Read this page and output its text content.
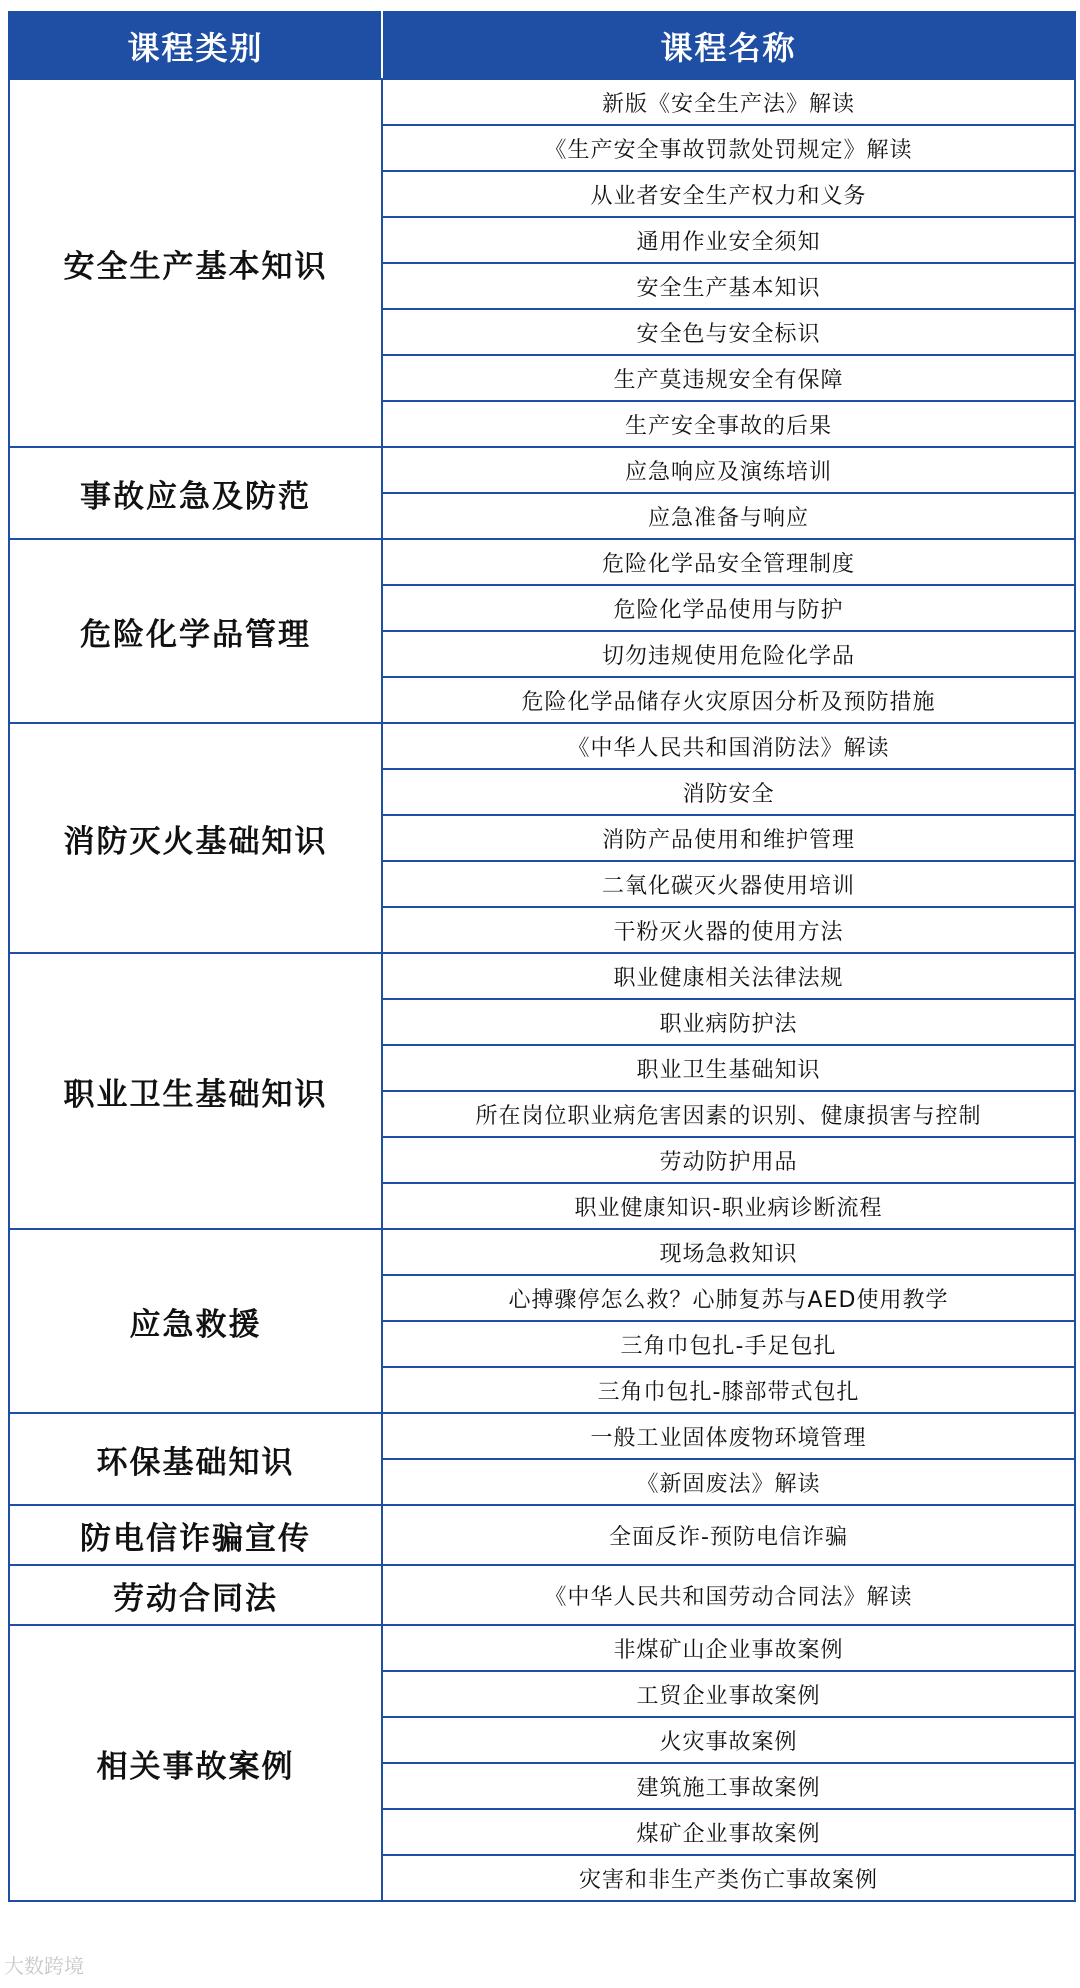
课程类别	课程名称
安全生产基本知识	新版《安全生产法》解读
	《生产安全事故罚款处罚规定》解读
	从业者安全生产权力和义务
	通用作业安全须知
	安全生产基本知识
	安全色与安全标识
	生产莫违规安全有保障
	生产安全事故的后果
事故应急及防范	应急响应及演练培训
	应急准备与响应
危险化学品管理	危险化学品安全管理制度
	危险化学品使用与防护
	切勿违规使用危险化学品
	危险化学品储存火灾原因分析及预防措施
消防灭火基础知识	《中华人民共和国消防法》解读
	消防安全
	消防产品使用和维护管理
	二氧化碳灭火器使用培训
	干粉灭火器的使用方法
职业卫生基础知识	职业健康相关法律法规
	职业病防护法
	职业卫生基础知识
	所在岗位职业病危害因素的识别、健康损害与控制
	劳动防护用品
	职业健康知识-职业病诊断流程
应急救援	现场急救知识
	心搏骤停怎么救？心肺复苏与AED使用教学
	三角巾包扎-手足包扎
	三角巾包扎-膝部带式包扎
环保基础知识	一般工业固体废物环境管理
	《新固废法》解读
防电信诈骗宣传	全面反诈-预防电信诈骗
劳动合同法	《中华人民共和国劳动合同法》解读
相关事故案例	非煤矿山企业事故案例
	工贸企业事故案例
	火灾事故案例
	建筑施工事故案例
	煤矿企业事故案例
	灾害和非生产类伤亡事故案例
大数跨境
